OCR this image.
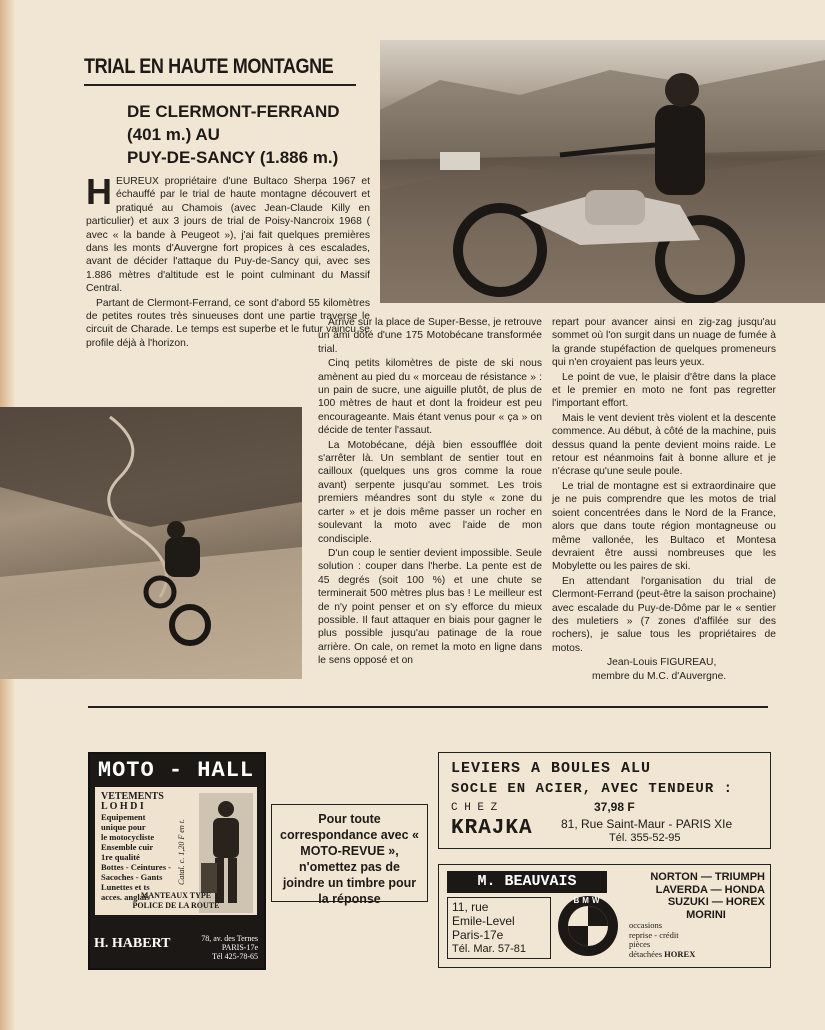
TRIAL EN HAUTE MONTAGNE
DE CLERMONT-FERRAND
(401 m.) AU
PUY-DE-SANCY (1.886 m.)

HEUREUX propriétaire d'une Bultaco Sherpa 1967 et échauffé par le trial de haute montagne découvert et pratiqué au Chamois (avec Jean-Claude Killy en particulier) et aux 3 jours de trial de Poisy-Nancroix 1968 ( avec « la bande à Peugeot »), j'ai fait quelques premières dans les monts d'Auvergne fort propices à ces escalades, avant de décider l'attaque du Puy-de-Sancy qui, avec ses 1.886 mètres d'altitude est le point culminant du Massif Central.

Partant de Clermont-Ferrand, ce sont d'abord 55 kilomètres de petites routes très sinueuses dont une partie traverse le circuit de Charade. Le temps est superbe et le futur vaincu se profile déjà à l'horizon.

Arrivé sur la place de Super-Besse, je retrouve un ami doté d'une 175 Motobécane transformée trial.

Cinq petits kilomètres de piste de ski nous amènent au pied du « morceau de résistance » : un pain de sucre, une aiguille plutôt, de plus de 100 mètres de haut et dont la froideur est peu encourageante. Mais étant venus pour « ça » on décide de tenter l'assaut.

La Motobécane, déjà bien essoufflée doit s'arrêter là. Un semblant de sentier tout en cailloux (quelques uns gros comme la roue avant) serpente jusqu'au sommet. Les trois premiers méandres sont du style « zone du carter » et je dois même passer un rocher en soulevant la moto avec l'aide de mon condisciple.

D'un coup le sentier devient impossible. Seule solution : couper dans l'herbe. La pente est de 45 degrés (soit 100 %) et une chute se terminerait 500 mètres plus bas ! Le meilleur est de n'y point penser et on s'y efforce du mieux possible. Il faut attaquer en biais pour gagner le plus possible jusqu'au patinage de la roue arrière. On cale, on remet la moto en ligne dans le sens opposé et on

repart pour avancer ainsi en zig-zag jusqu'au sommet où l'on surgit dans un nuage de fumée à la grande stupéfaction de quelques promeneurs qui n'en croyaient pas leurs yeux.

Le point de vue, le plaisir d'être dans la place et le premier en moto ne font pas regretter l'important effort.

Mais le vent devient très violent et la descente commence. Au début, à côté de la machine, puis dessus quand la pente devient moins raide. Le retour est néanmoins fait à bonne allure et je n'écrase qu'une seule poule.

Le trial de montagne est si extraordinaire que je ne puis comprendre que les motos de trial soient concentrées dans le Nord de la France, alors que dans toute région montagneuse ou même vallonée, les Bultaco et Montesa devraient être aussi nombreuses que les Mobylette ou les paires de ski.

En attendant l'organisation du trial de Clermont-Ferrand (peut-être la saison prochaine) avec escalade du Puy-de-Dôme par le « sentier des muletiers » (7 zones d'affilée sur des rochers), je salue tous les propriétaires de motos.

Jean-Louis FIGUREAU,
membre du M.C. d'Auvergne.
MOTO - HALL
VETEMENTS
L O H D I
Equipement
unique pour
le motocycliste
Ensemble cuir
1re qualité
Bottes - Ceintures - Sacoches - Gants
Lunettes et ts
acces. anglais
Catal. c. 1,20 F en t.
MANTEAUX TYPE
POLICE DE LA ROUTE
H. HABERT	78, av. des Ternes
PARIS-17e
Tél 425-78-65
Pour toute correspondance avec « MOTO-REVUE », n'omettez pas de joindre un timbre pour la réponse
LEVIERS A BOULES ALU
SOCLE EN ACIER, AVEC TENDEUR :
C H E Z	37,98 F
KRAJKA 81, Rue Saint-Maur - PARIS XIe
Tél. 355-52-95
M. BEAUVAIS
11, rue
Emile-Level
Paris-17e
Tél. Mar. 57-81
BMW
NORTON — TRIUMPH
LAVERDA — HONDA
SUZUKI — HOREX
MORINI
occasions
reprise - crédit
pièces
détachées HOREX
